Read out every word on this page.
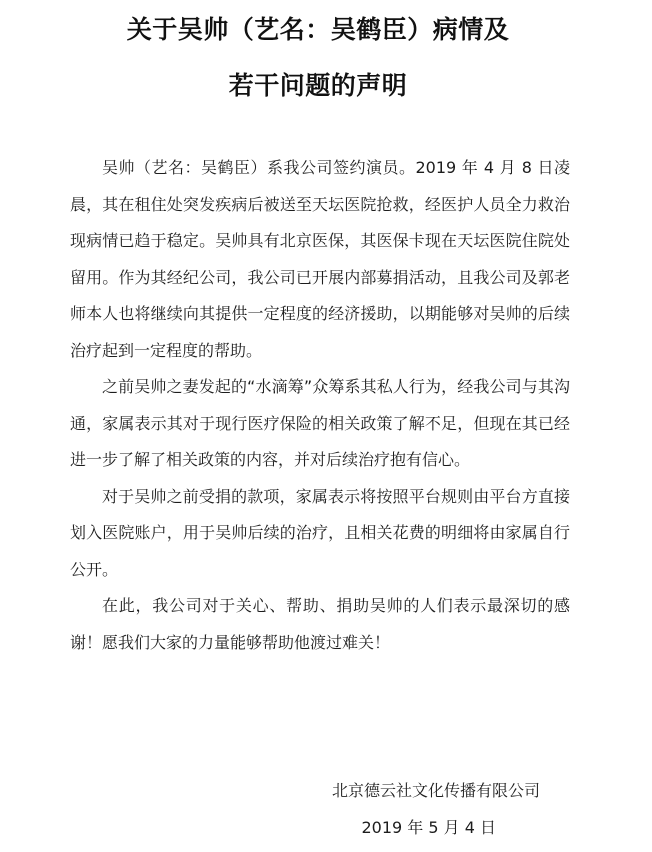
关于吴帅（艺名：吴鹤臣）病情及
若干问题的声明

吴帅（艺名：吴鹤臣）系我公司签约演员。2019 年 4 月 8 日凌晨，其在租住处突发疾病后被送至天坛医院抢救，经医护人员全力救治现病情已趋于稳定。吴帅具有北京医保，其医保卡现在天坛医院住院处留用。作为其经纪公司，我公司已开展内部募捐活动，且我公司及郭老师本人也将继续向其提供一定程度的经济援助，以期能够对吴帅的后续治疗起到一定程度的帮助。

之前吴帅之妻发起的“水滴筹”众筹系其私人行为，经我公司与其沟通，家属表示其对于现行医疗保险的相关政策了解不足，但现在其已经进一步了解了相关政策的内容，并对后续治疗抱有信心。

对于吴帅之前受捐的款项，家属表示将按照平台规则由平台方直接划入医院账户，用于吴帅后续的治疗，且相关花费的明细将由家属自行公开。

在此，我公司对于关心、帮助、捐助吴帅的人们表示最深切的感谢！愿我们大家的力量能够帮助他渡过难关！

北京德云社文化传播有限公司
2019 年 5 月 4 日
